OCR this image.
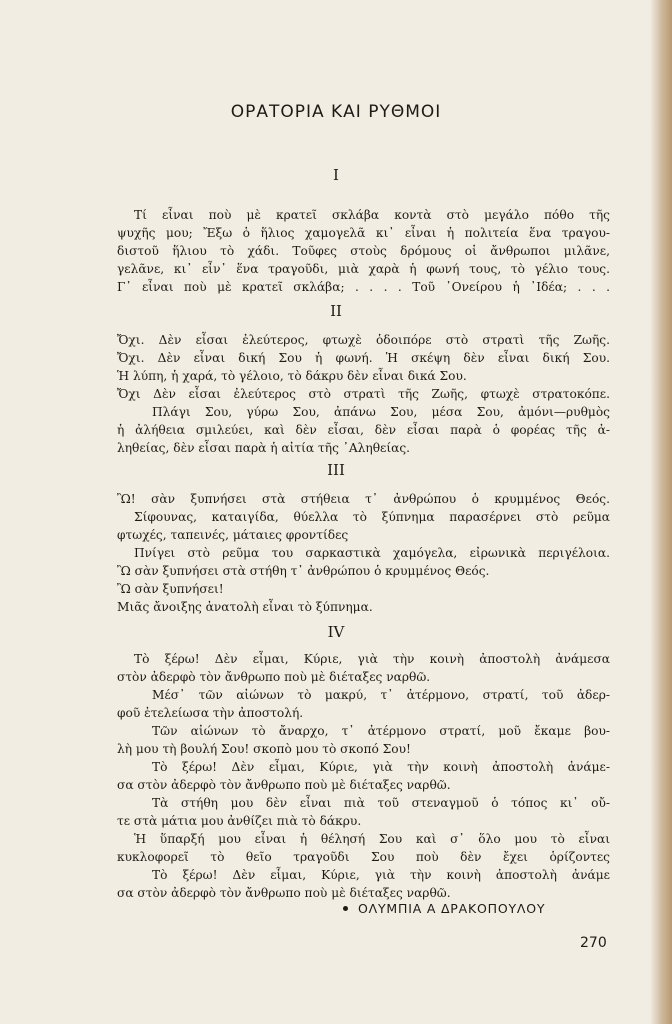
ΟΡΑΤΟΡΙΑ ΚΑΙ ΡΥΘΜΟΙ
I
Τί εἶναι ποὺ μὲ κρατεῖ σκλάβα κοντὰ στὸ μεγάλο πόθο τῆς
ψυχῆς μου; Ἔξω ὁ ἥλιος χαμογελᾶ κι᾿ εἶναι ἡ πολιτεία ἕνα τραγου-
διστοῦ ἥλιου τὸ χάδι. Τοῦφες στοὺς δρόμους οἱ ἄνθρωποι μιλᾶνε,
γελᾶνε, κι᾿ εἶν᾿ ἕνα τραγοῦδι, μιὰ χαρὰ ἡ φωνή τους, τὸ γέλιο τους.
Γ᾿ εἶναι ποὺ μὲ κρατεῖ σκλάβα; . . . . Τοῦ ᾿Ονείρου ἡ ᾿Ιδέα; . . .
II
Ὄχι. Δὲν εἶσαι ἐλεύτερος, φτωχὲ ὁδοιπόρε στὸ στρατὶ τῆς Ζωῆς.
Ὄχι. Δὲν εἶναι δική Σου ἡ φωνή. Ἡ σκέψη δὲν εἶναι δική Σου.
Ἡ λύπη, ἡ χαρά, τὸ γέλοιο, τὸ δάκρυ δὲν εἶναι δικά Σου.
Ὄχι Δὲν εἶσαι ἐλεύτερος στὸ στρατὶ τῆς Ζωῆς, φτωχὲ στρατοκόπε.
Πλάγι Σου, γύρω Σου, ἀπάνω Σου, μέσα Σου, ἀμόνι—ρυθμὸς
ἡ ἀλήθεια σμιλεύει, καὶ δὲν εἶσαι, δὲν εἶσαι παρὰ ὁ φορέας τῆς ἀ-
ληθείας, δὲν εἶσαι παρὰ ἡ αἰτία τῆς ᾿Αληθείας.
III
Ὢ! σὰν ξυπνήσει στὰ στήθεια τ᾿ ἀνθρώπου ὁ κρυμμένος Θεός.
Σίφουνας, καταιγίδα, θύελλα τὸ ξύπνημα παρασέρνει στὸ ρεῦμα
φτωχές, ταπεινές, μάταιες φροντίδες
Πνίγει στὸ ρεῦμα του σαρκαστικὰ χαμόγελα, εἰρωνικὰ περιγέλοια.
Ὢ σὰν ξυπνήσει στὰ στήθη τ᾿ ἀνθρώπου ὁ κρυμμένος Θεός.
Ὢ σὰν ξυπνήσει!
Μιᾶς ἄνοιξης ἀνατολὴ εἶναι τὸ ξύπνημα.
IV
Τὸ ξέρω! Δὲν εἶμαι, Κύριε, γιὰ τὴν κοινὴ ἀποστολὴ ἀνάμεσα
στὸν ἀδερφὸ τὸν ἄνθρωπο ποὺ μὲ διέταξες ναρθῶ.
Μέσ᾿ τῶν αἰώνων τὸ μακρύ, τ᾿ ἀτέρμονο, στρατί, τοῦ ἀδερ-
φοῦ ἐτελείωσα τὴν ἀποστολή.
Τῶν αἰώνων τὸ ἄναρχο, τ᾿ ἀτέρμονο στρατί, μοῦ ἔκαμε βου-
λὴ μου τὴ βουλή Σου! σκοπὸ μου τὸ σκοπό Σου!
Τὸ ξέρω! Δὲν εἶμαι, Κύριε, γιὰ τὴν κοινὴ ἀποστολὴ ἀνάμε-
σα στὸν ἀδερφὸ τὸν ἄνθρωπο ποὺ μὲ διέταξες ναρθῶ.
Τὰ στήθη μου δὲν εἶναι πιὰ τοῦ στεναγμοῦ ὁ τόπος κι᾿ οὔ-
τε στὰ μάτια μου ἀνθίζει πιὰ τὸ δάκρυ.
Ἡ ὕπαρξή μου εἶναι ἡ θέλησή Σου καὶ σ᾿ ὅλο μου τὸ εἶναι
κυκλοφορεῖ τὸ θεῖο τραγοῦδι Σου ποὺ δὲν ἔχει ὁρίζοντες
Τὸ ξέρω! Δὲν εἶμαι, Κύριε, γιὰ τὴν κοινὴ ἀποστολὴ ἀνάμε
σα στὸν ἀδερφὸ τὸν ἄνθρωπο ποὺ μὲ διέταξες ναρθῶ.
ΟΛΥΜΠΙΑ Α ΔΡΑΚΟΠΟΥΛΟΥ
270
